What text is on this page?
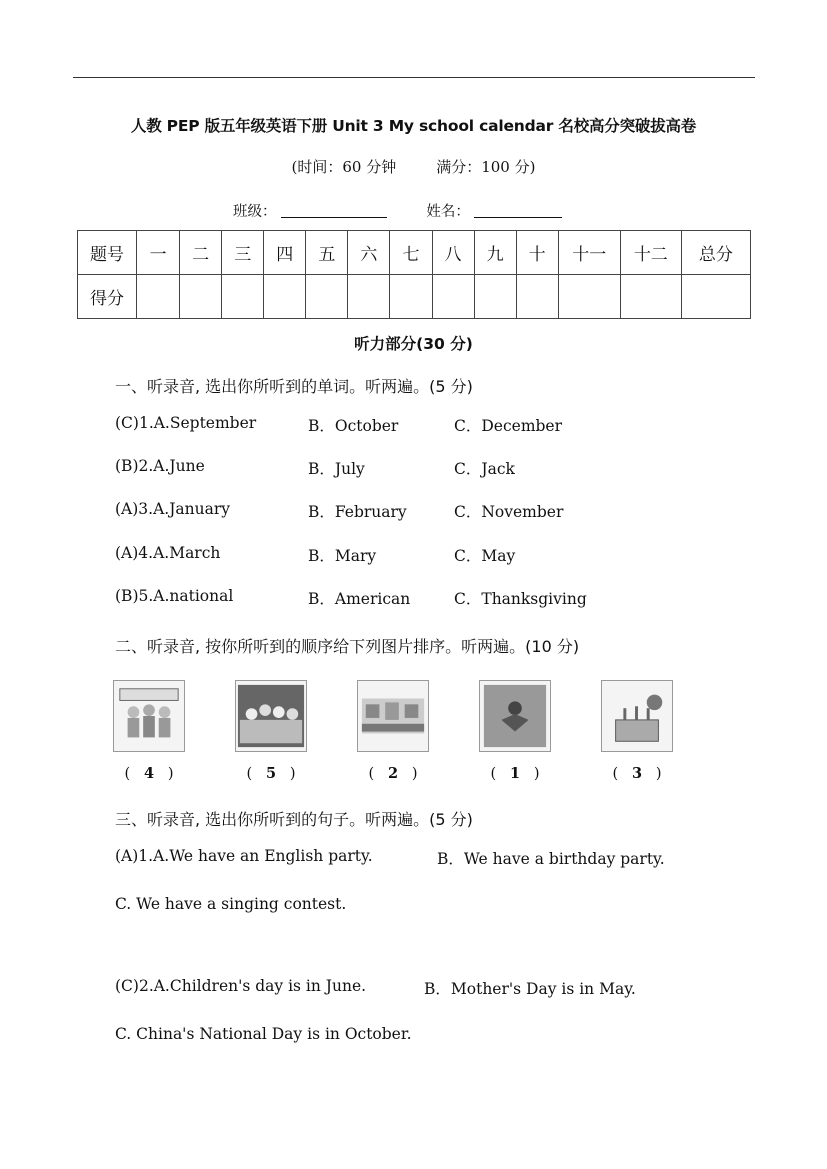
人教 PEP 版五年级英语下册 Unit 3 My school calendar 名校高分突破拔高卷
(时间：60 分钟	满分：100 分)
班级：	姓名：
题号	一	二	三	四	五	六	七	八	九	十	十一	十二	总分
得分													
听力部分(30 分)
一、听录音, 选出你所听到的单词。听两遍。(5 分)
(C)1.A.September	B．October	C．December
(B)2.A.June	B．July	C．Jack
(A)3.A.January	B．February	C．November
(A)4.A.March	B．Mary	C．May
(B)5.A.national	B．American	C．Thanksgiving
二、听录音, 按你所听到的顺序给下列图片排序。听两遍。(10 分)
(   4   )	(   5   )	(   2   )	(   1   )	(   3   )
三、听录音, 选出你所听到的句子。听两遍。(5 分)
(A)1.A.We have an English party.	B．We have a birthday party.
C. We have a singing contest.
(C)2.A.Children's day is in June.	B．Mother's Day is in May.
C. China's National Day is in October.
